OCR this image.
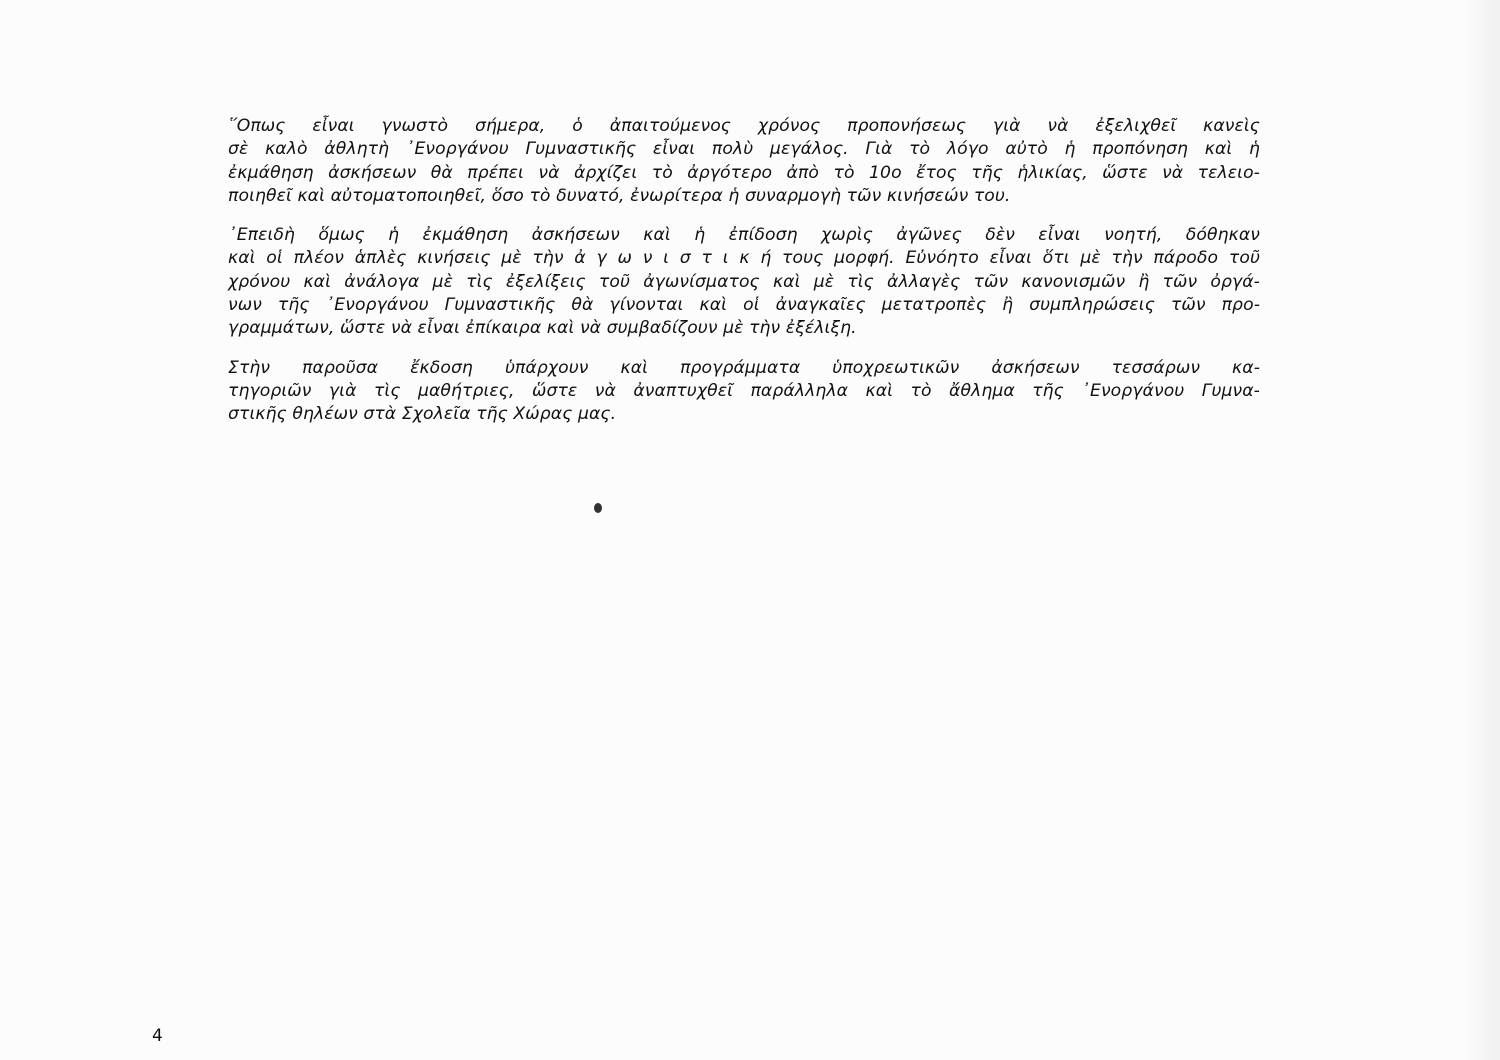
῞Οπως εἶναι γνωστὸ σήμερα, ὁ ἀπαιτούμενος χρόνος προπονήσεως γιὰ νὰ ἐξελιχθεῖ κανεὶς
σὲ καλὸ ἀθλητὴ ᾿Ενοργάνου Γυμναστικῆς εἶναι πολὺ μεγάλος. Γιὰ τὸ λόγο αὐτὸ ἡ προπόνηση καὶ ἡ
ἐκμάθηση ἀσκήσεων θὰ πρέπει νὰ ἀρχίζει τὸ ἀργότερο ἀπὸ τὸ 10ο ἔτος τῆς ἡλικίας, ὥστε νὰ τελειο-
ποιηθεῖ καὶ αὐτοματοποιηθεῖ, ὅσο τὸ δυνατό, ἐνωρίτερα ἡ συναρμογὴ τῶν κινήσεών του.

᾿Επειδὴ ὅμως ἡ ἐκμάθηση ἀσκήσεων καὶ ἡ ἐπίδοση χωρὶς ἀγῶνες δὲν εἶναι νοητή, δόθηκαν
καὶ οἱ πλέον ἁπλὲς κινήσεις μὲ τὴν ἀ γ ω ν ι σ τ ι κ ή τους μορφή. Εὐνόητο εἶναι ὅτι μὲ τὴν πάροδο τοῦ
χρόνου καὶ ἀνάλογα μὲ τὶς ἐξελίξεις τοῦ ἀγωνίσματος καὶ μὲ τὶς ἀλλαγὲς τῶν κανονισμῶν ἢ τῶν ὀργά-
νων τῆς ᾿Ενοργάνου Γυμναστικῆς θὰ γίνονται καὶ οἱ ἀναγκαῖες μετατροπὲς ἢ συμπληρώσεις τῶν προ-
γραμμάτων, ὥστε νὰ εἶναι ἐπίκαιρα καὶ νὰ συμβαδίζουν μὲ τὴν ἐξέλιξη.

Στὴν παροῦσα ἔκδοση ὑπάρχουν καὶ προγράμματα ὑποχρεωτικῶν ἀσκήσεων τεσσάρων κα-
τηγοριῶν γιὰ τὶς μαθήτριες, ὥστε νὰ ἀναπτυχθεῖ παράλληλα καὶ τὸ ἄθλημα τῆς ᾿Ενοργάνου Γυμνα-
στικῆς θηλέων στὰ Σχολεῖα τῆς Χώρας μας.

4
